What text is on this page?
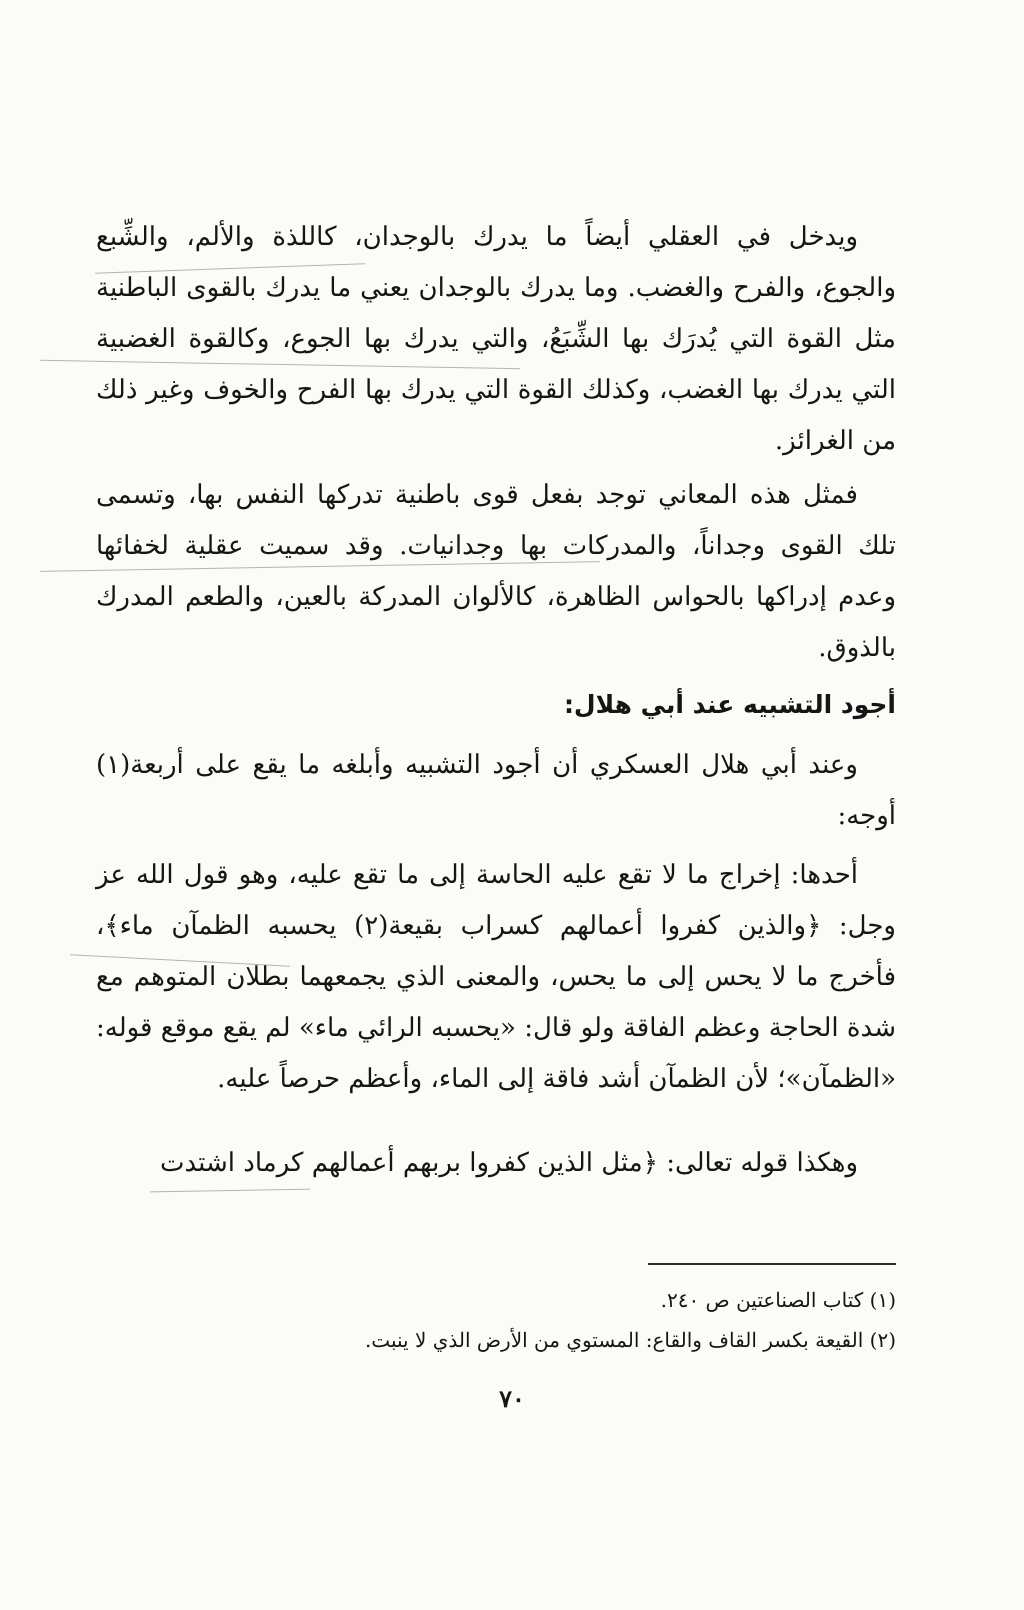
ويدخل في العقلي أيضاً ما يدرك بالوجدان، كاللذة والألم، والشِّبع والجوع، والفرح والغضب. وما يدرك بالوجدان يعني ما يدرك بالقوى الباطنية مثل القوة التي يُدرَك بها الشِّبَعُ، والتي يدرك بها الجوع، وكالقوة الغضبية التي يدرك بها الغضب، وكذلك القوة التي يدرك بها الفرح والخوف وغير ذلك من الغرائز.

فمثل هذه المعاني توجد بفعل قوى باطنية تدركها النفس بها، وتسمى تلك القوى وجداناً، والمدركات بها وجدانيات. وقد سميت عقلية لخفائها وعدم إدراكها بالحواس الظاهرة، كالألوان المدركة بالعين، والطعم المدرك بالذوق.

أجود التشبيه عند أبي هلال:

وعند أبي هلال العسكري أن أجود التشبيه وأبلغه ما يقع على أربعة(١) أوجه:

أحدها: إخراج ما لا تقع عليه الحاسة إلى ما تقع عليه، وهو قول الله عز وجل: ﴿والذين كفروا أعمالهم كسراب بقيعة(٢) يحسبه الظمآن ماء﴾، فأخرج ما لا يحس إلى ما يحس، والمعنى الذي يجمعهما بطلان المتوهم مع شدة الحاجة وعظم الفاقة ولو قال: «يحسبه الرائي ماء» لم يقع موقع قوله: «الظمآن»؛ لأن الظمآن أشد فاقة إلى الماء، وأعظم حرصاً عليه.

وهكذا قوله تعالى: ﴿مثل الذين كفروا بربهم أعمالهم كرماد اشتدت

(١) كتاب الصناعتين ص ٢٤٠.

(٢) القيعة بكسر القاف والقاع: المستوي من الأرض الذي لا ينبت.

٧٠
